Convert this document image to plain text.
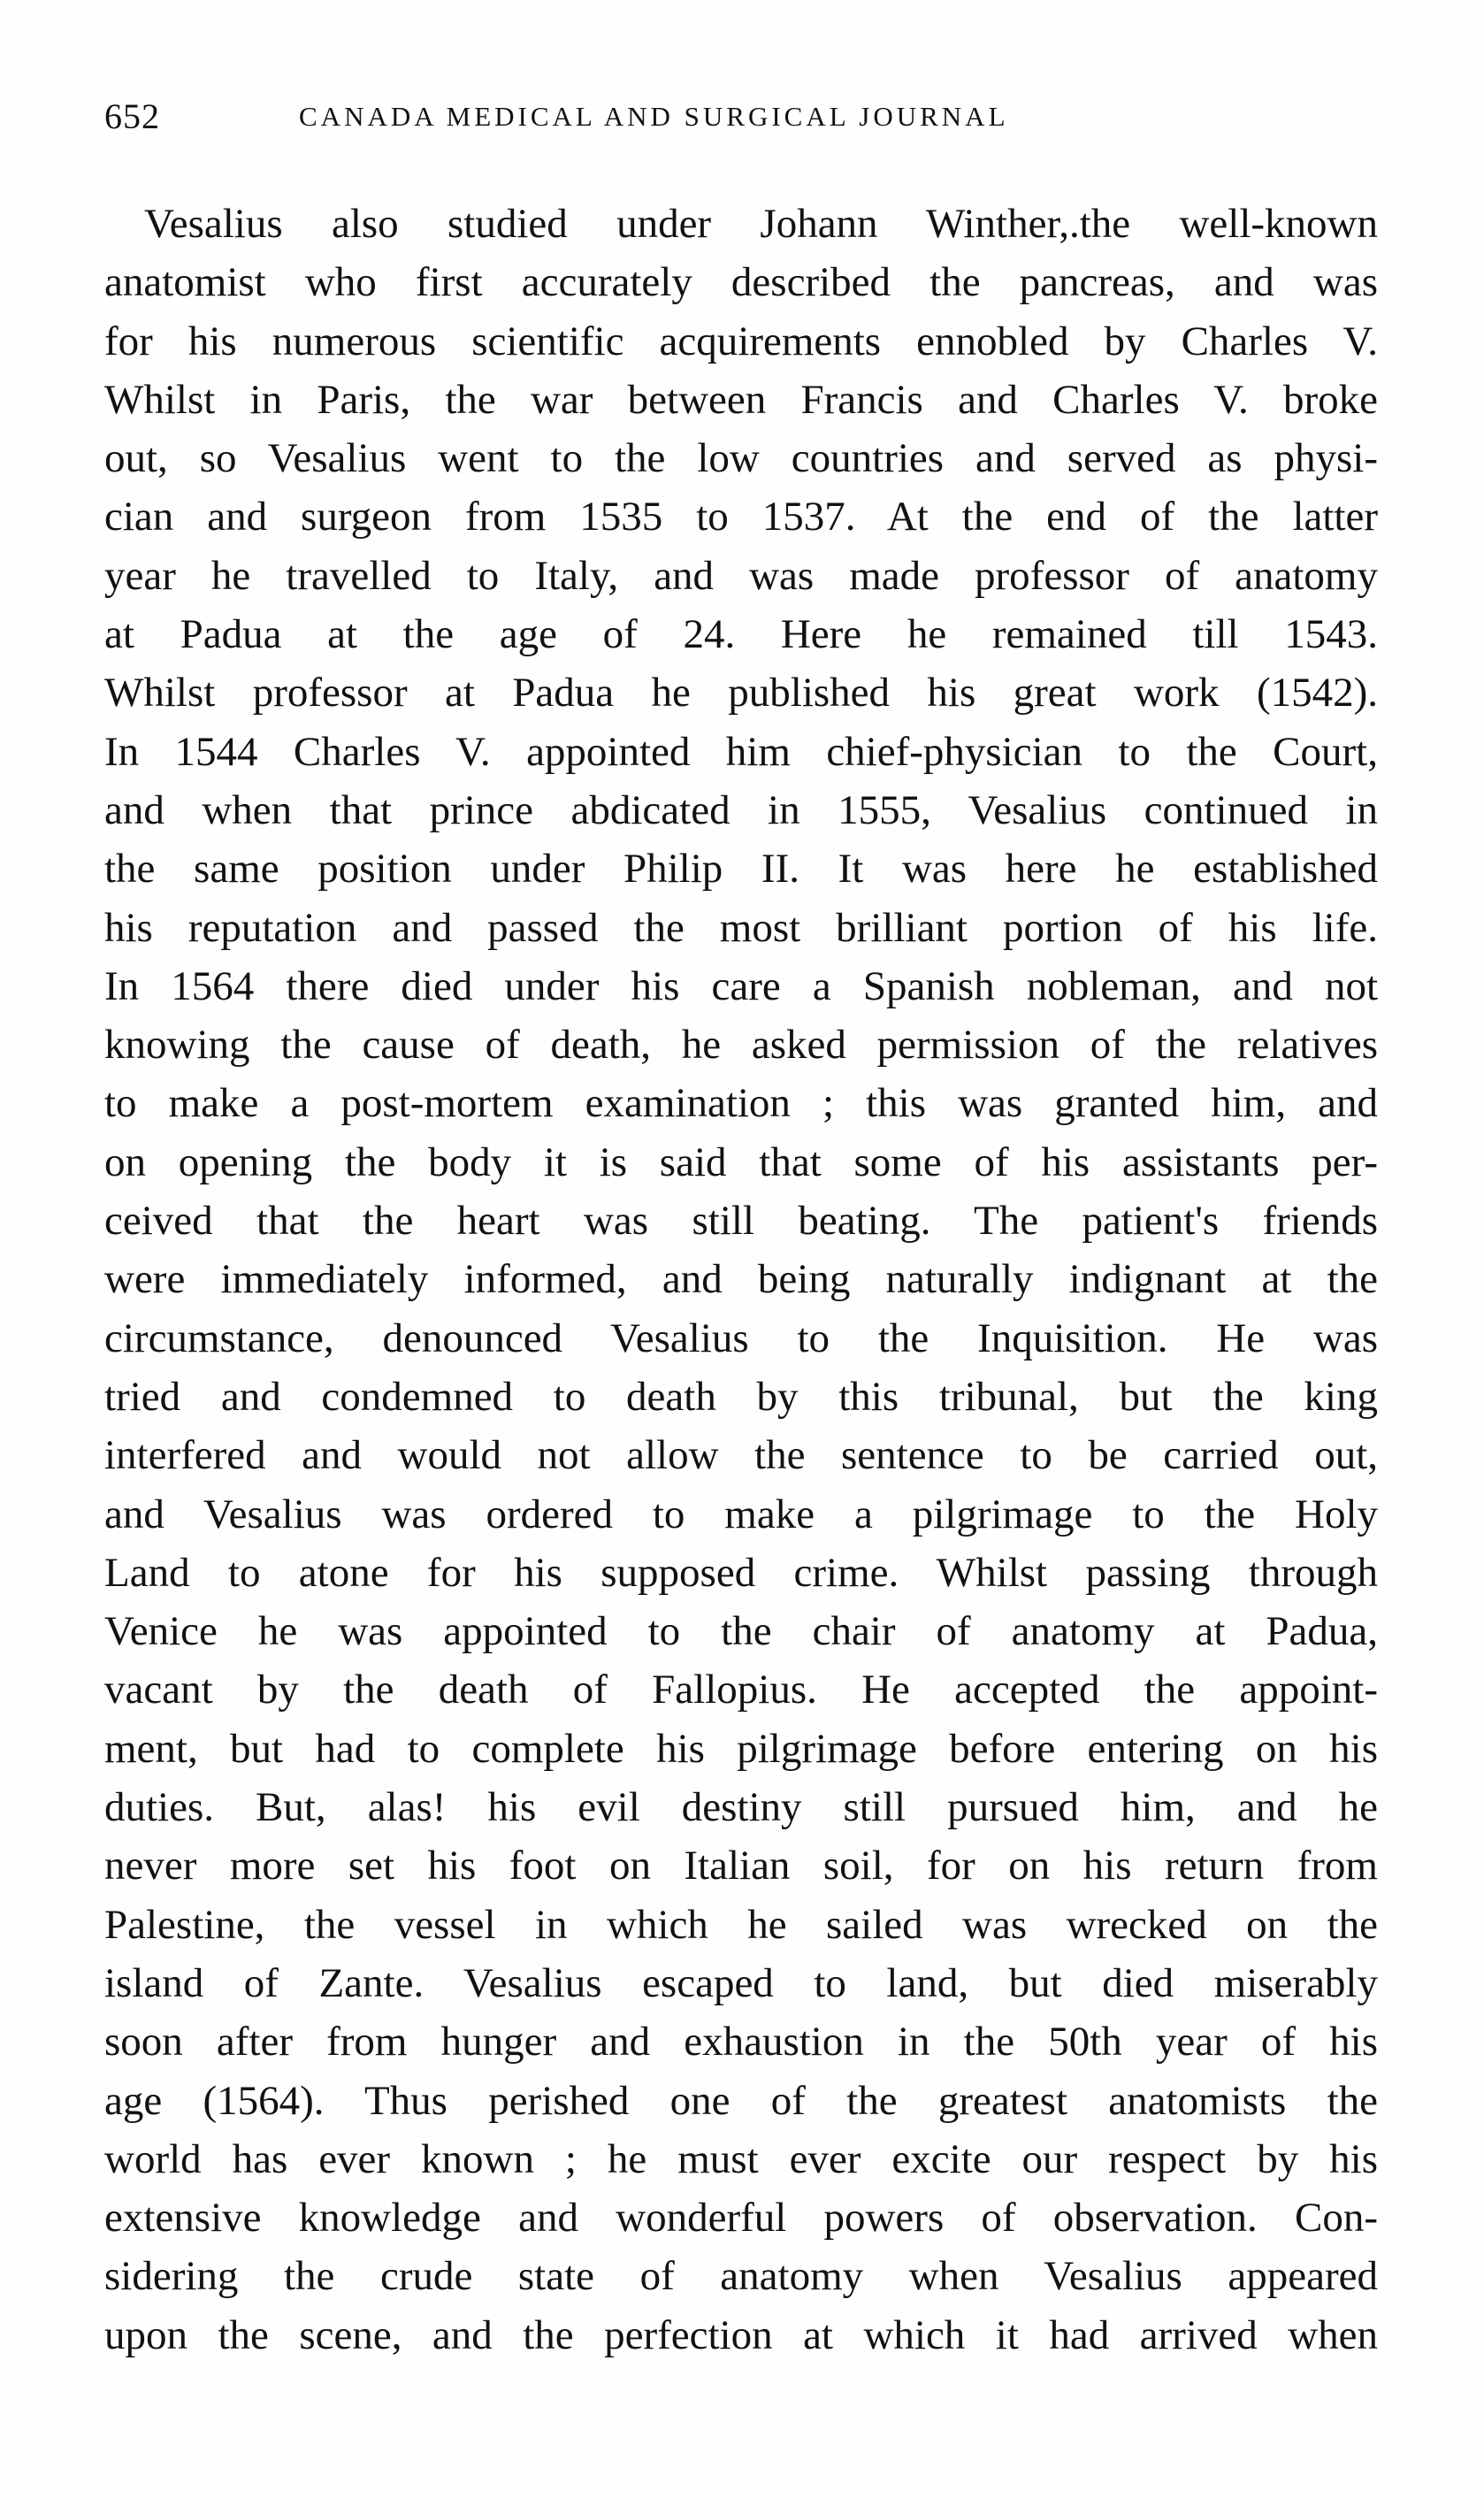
652	CANADA MEDICAL AND SURGICAL JOURNAL
Vesalius also studied under Johann Winther,.the well-known
anatomist who first accurately described the pancreas, and was
for his numerous scientific acquirements ennobled by Charles V.
Whilst in Paris, the war between Francis and Charles V. broke
out, so Vesalius went to the low countries and served as physi-
cian and surgeon from 1535 to 1537. At the end of the latter
year he travelled to Italy, and was made professor of anatomy
at Padua at the age of 24. Here he remained till 1543.
Whilst professor at Padua he published his great work (1542).
In 1544 Charles V. appointed him chief-physician to the Court,
and when that prince abdicated in 1555, Vesalius continued in
the same position under Philip II. It was here he established
his reputation and passed the most brilliant portion of his life.
In 1564 there died under his care a Spanish nobleman, and not
knowing the cause of death, he asked permission of the relatives
to make a post-mortem examination ; this was granted him, and
on opening the body it is said that some of his assistants per-
ceived that the heart was still beating. The patient's friends
were immediately informed, and being naturally indignant at the
circumstance, denounced Vesalius to the Inquisition. He was
tried and condemned to death by this tribunal, but the king
interfered and would not allow the sentence to be carried out,
and Vesalius was ordered to make a pilgrimage to the Holy
Land to atone for his supposed crime. Whilst passing through
Venice he was appointed to the chair of anatomy at Padua,
vacant by the death of Fallopius. He accepted the appoint-
ment, but had to complete his pilgrimage before entering on his
duties. But, alas! his evil destiny still pursued him, and he
never more set his foot on Italian soil, for on his return from
Palestine, the vessel in which he sailed was wrecked on the
island of Zante. Vesalius escaped to land, but died miserably
soon after from hunger and exhaustion in the 50th year of his
age (1564). Thus perished one of the greatest anatomists the
world has ever known ; he must ever excite our respect by his
extensive knowledge and wonderful powers of observation. Con-
sidering the crude state of anatomy when Vesalius appeared
upon the scene, and the perfection at which it had arrived when
